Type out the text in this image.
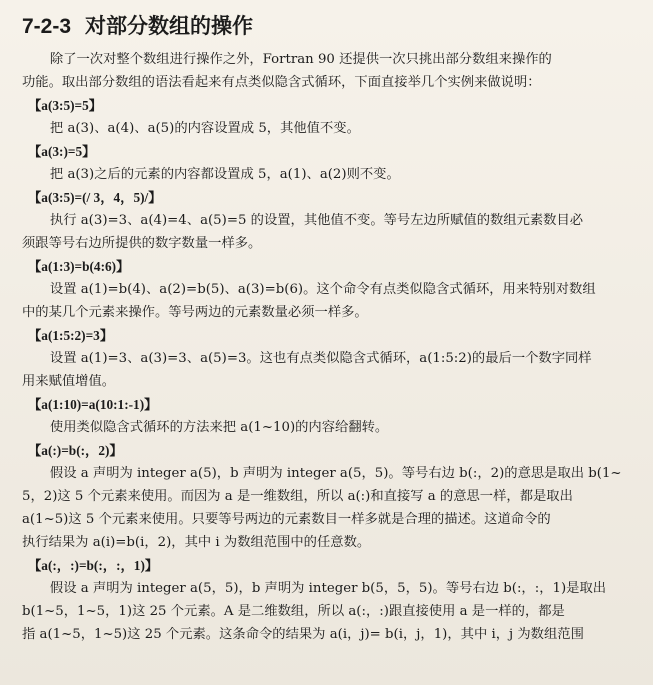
7-2-3 对部分数组的操作

除了一次对整个数组进行操作之外，Fortran 90 还提供一次只挑出部分数组来操作的

功能。取出部分数组的语法看起来有点类似隐含式循环，下面直接举几个实例来做说明：

【a(3:5)=5】

把 a(3)、a(4)、a(5)的内容设置成 5，其他值不变。

【a(3:)=5】

把 a(3)之后的元素的内容都设置成 5，a(1)、a(2)则不变。

【a(3:5)=(/ 3，4，5)/】

执行 a(3)=3、a(4)=4、a(5)=5 的设置，其他值不变。等号左边所赋值的数组元素数目必

须跟等号右边所提供的数字数量一样多。

【a(1:3)=b(4:6)】

设置 a(1)=b(4)、a(2)=b(5)、a(3)=b(6)。这个命令有点类似隐含式循环，用来特别对数组

中的某几个元素来操作。等号两边的元素数量必须一样多。

【a(1:5:2)=3】

设置 a(1)=3、a(3)=3、a(5)=3。这也有点类似隐含式循环，a(1:5:2)的最后一个数字同样

用来赋值增值。

【a(1:10)=a(10:1:-1)】

使用类似隐含式循环的方法来把 a(1~10)的内容给翻转。

【a(:)=b(:，2)】

假设 a 声明为 integer a(5)，b 声明为 integer a(5，5)。等号右边 b(:，2)的意思是取出 b(1~

5，2)这 5 个元素来使用。而因为 a 是一维数组，所以 a(:)和直接写 a 的意思一样，都是取出

a(1~5)这 5 个元素来使用。只要等号两边的元素数目一样多就是合理的描述。这道命令的

执行结果为 a(i)=b(i，2)，其中 i 为数组范围中的任意数。

【a(:，:)=b(:，:，1)】

假设 a 声明为 integer a(5，5)，b 声明为 integer b(5，5，5)。等号右边 b(:，:，1)是取出

b(1~5，1~5，1)这 25 个元素。A 是二维数组，所以 a(:，:)跟直接使用 a 是一样的，都是

指 a(1~5，1~5)这 25 个元素。这条命令的结果为 a(i，j)= b(i，j，1)，其中 i，j 为数组范围
